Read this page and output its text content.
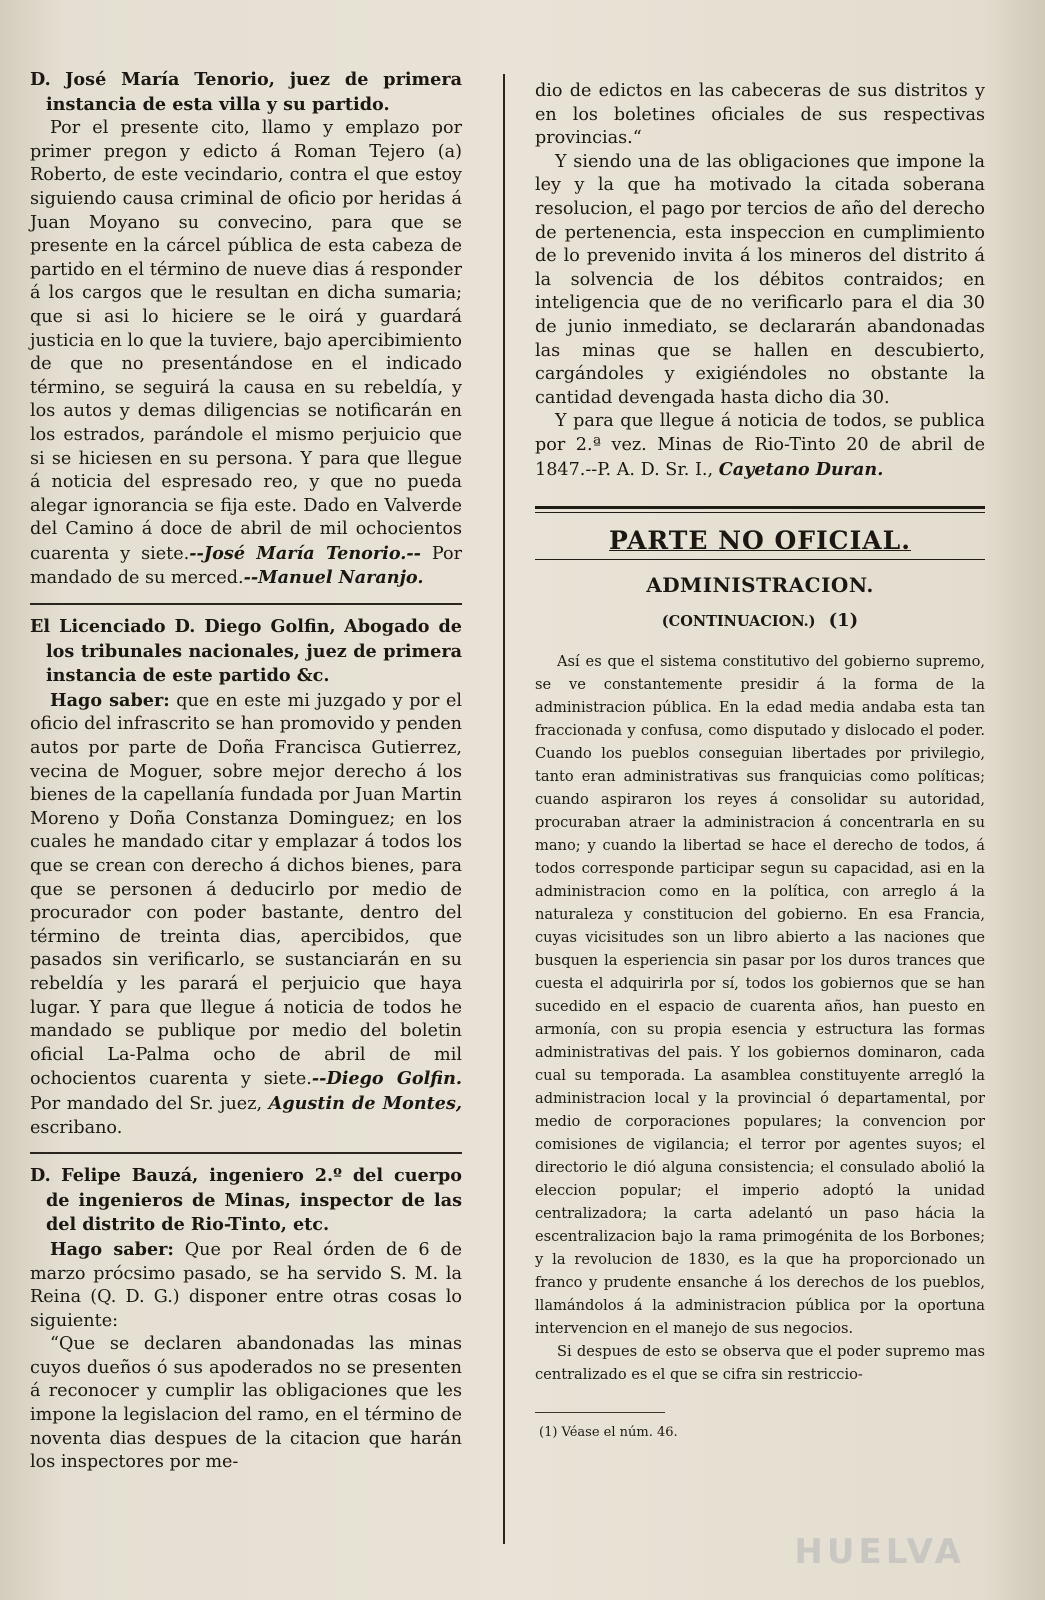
D. José María Tenorio, juez de primera instancia de esta villa y su partido.

Por el presente cito, llamo y emplazo por primer pregon y edicto á Roman Tejero (a) Roberto, de este vecindario, contra el que estoy siguiendo causa criminal de oficio por heridas á Juan Moyano su convecino, para que se presente en la cárcel pública de esta cabeza de partido en el término de nueve dias á responder á los cargos que le resultan en dicha sumaria; que si asi lo hiciere se le oirá y guardará justicia en lo que la tuviere, bajo apercibimiento de que no presentándose en el indicado término, se seguirá la causa en su rebeldía, y los autos y demas diligencias se notificarán en los estrados, parándole el mismo perjuicio que si se hiciesen en su persona. Y para que llegue á noticia del espresado reo, y que no pueda alegar ignorancia se fija este. Dado en Valverde del Camino á doce de abril de mil ochocientos cuarenta y siete.--José María Tenorio.-- Por mandado de su merced.--Manuel Naranjo.

El Licenciado D. Diego Golfin, Abogado de los tribunales nacionales, juez de primera instancia de este partido &c.

Hago saber: que en este mi juzgado y por el oficio del infrascrito se han promovido y penden autos por parte de Doña Francisca Gutierrez, vecina de Moguer, sobre mejor derecho á los bienes de la capellanía fundada por Juan Martin Moreno y Doña Constanza Dominguez; en los cuales he mandado citar y emplazar á todos los que se crean con derecho á dichos bienes, para que se personen á deducirlo por medio de procurador con poder bastante, dentro del término de treinta dias, apercibidos, que pasados sin verificarlo, se sustanciarán en su rebeldía y les parará el perjuicio que haya lugar. Y para que llegue á noticia de todos he mandado se publique por medio del boletin oficial La-Palma ocho de abril de mil ochocientos cuarenta y siete.--Diego Golfin. Por mandado del Sr. juez, Agustin de Montes, escribano.

D. Felipe Bauzá, ingeniero 2.º del cuerpo de ingenieros de Minas, inspector de las del distrito de Rio-Tinto, etc.

Hago saber: Que por Real órden de 6 de marzo prócsimo pasado, se ha servido S. M. la Reina (Q. D. G.) disponer entre otras cosas lo siguiente:

“Que se declaren abandonadas las minas cuyos dueños ó sus apoderados no se presenten á reconocer y cumplir las obligaciones que les impone la legislacion del ramo, en el término de noventa dias despues de la citacion que harán los inspectores por me-

dio de edictos en las cabeceras de sus distritos y en los boletines oficiales de sus respectivas provincias.“

Y siendo una de las obligaciones que impone la ley y la que ha motivado la citada soberana resolucion, el pago por tercios de año del derecho de pertenencia, esta inspeccion en cumplimiento de lo prevenido invita á los mineros del distrito á la solvencia de los débitos contraidos; en inteligencia que de no verificarlo para el dia 30 de junio inmediato, se declararán abandonadas las minas que se hallen en descubierto, cargándoles y exigiéndoles no obstante la cantidad devengada hasta dicho dia 30.

Y para que llegue á noticia de todos, se publica por 2.ª vez. Minas de Rio-Tinto 20 de abril de 1847.--P. A. D. Sr. I., Cayetano Duran.

PARTE NO OFICIAL.
ADMINISTRACION.
(CONTINUACION.) (1)

Así es que el sistema constitutivo del gobierno supremo, se ve constantemente presidir á la forma de la administracion pública. En la edad media andaba esta tan fraccionada y confusa, como disputado y dislocado el poder. Cuando los pueblos conseguian libertades por privilegio, tanto eran administrativas sus franquicias como políticas; cuando aspiraron los reyes á consolidar su autoridad, procuraban atraer la administracion á concentrarla en su mano; y cuando la libertad se hace el derecho de todos, á todos corresponde participar segun su capacidad, asi en la administracion como en la política, con arreglo á la naturaleza y constitucion del gobierno. En esa Francia, cuyas vicisitudes son un libro abierto a las naciones que busquen la esperiencia sin pasar por los duros trances que cuesta el adquirirla por sí, todos los gobiernos que se han sucedido en el espacio de cuarenta años, han puesto en armonía, con su propia esencia y estructura las formas administrativas del pais. Y los gobiernos dominaron, cada cual su temporada. La asamblea constituyente arregló la administracion local y la provincial ó departamental, por medio de corporaciones populares; la convencion por comisiones de vigilancia; el terror por agentes suyos; el directorio le dió alguna consistencia; el consulado abolió la eleccion popular; el imperio adoptó la unidad centralizadora; la carta adelantó un paso hácia la escentralizacion bajo la rama primogénita de los Borbones; y la revolucion de 1830, es la que ha proporcionado un franco y prudente ensanche á los derechos de los pueblos, llamándolos á la administracion pública por la oportuna intervencion en el manejo de sus negocios.

Si despues de esto se observa que el poder supremo mas centralizado es el que se cifra sin restriccio-

(1) Véase el núm. 46.
HUELVA
